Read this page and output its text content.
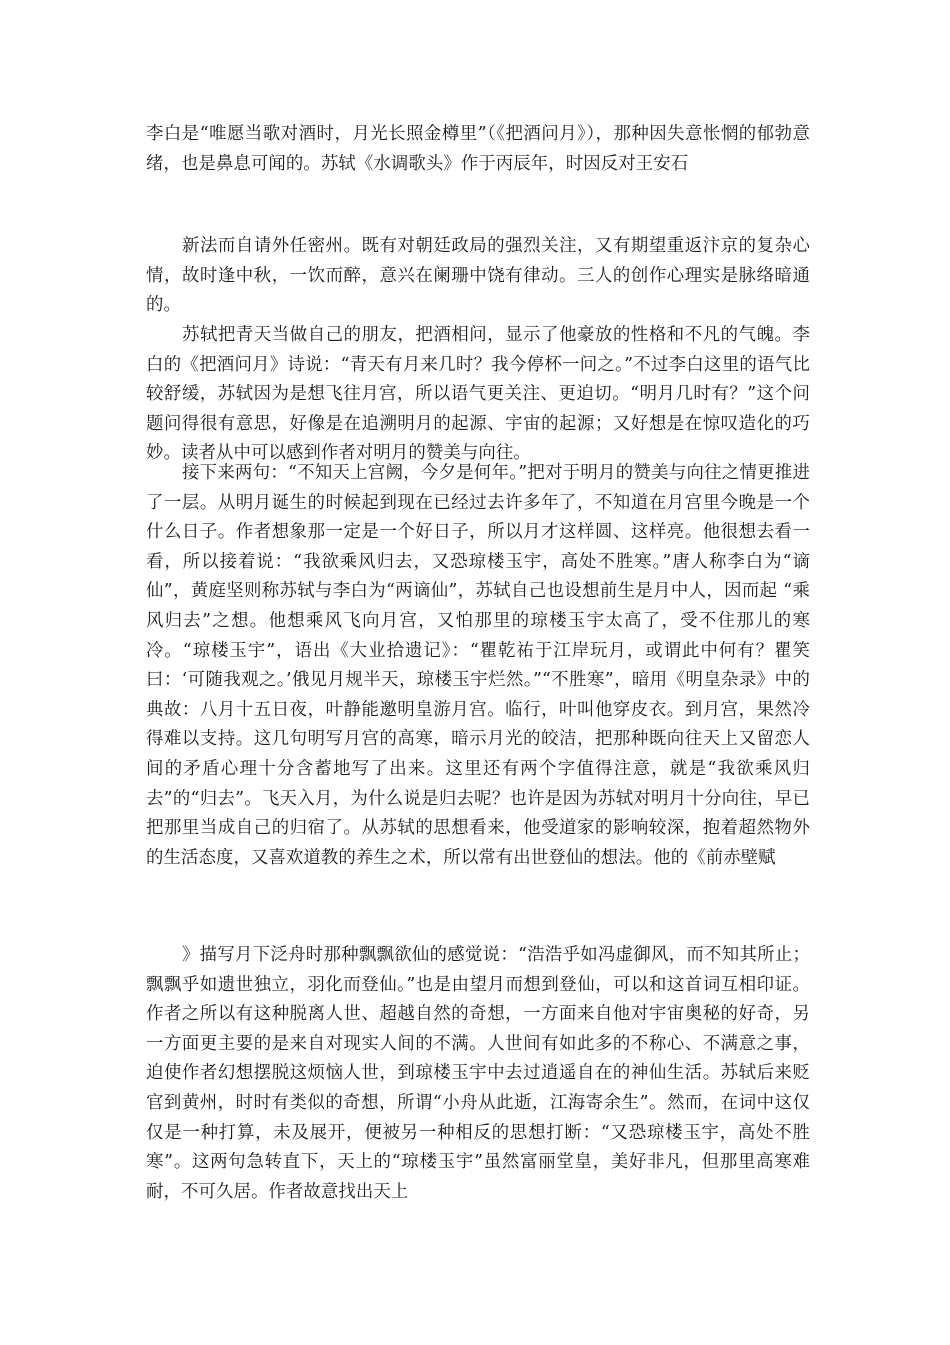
李白是“唯愿当歌对酒时，月光长照金樽里”（《把酒问月》），那种因失意怅惘的郁勃意绪，也是鼻息可闻的。苏轼《水调歌头》作于丙辰年，时因反对王安石

新法而自请外任密州。既有对朝廷政局的强烈关注，又有期望重返汴京的复杂心情，故时逢中秋，一饮而醉，意兴在阑珊中饶有律动。三人的创作心理实是脉络暗通的。

苏轼把青天当做自己的朋友，把酒相问，显示了他豪放的性格和不凡的气魄。李白的《把酒问月》诗说：“青天有月来几时？我今停杯一问之。”不过李白这里的语气比较舒缓，苏轼因为是想飞往月宫，所以语气更关注、更迫切。“明月几时有？”这个问题问得很有意思，好像是在追溯明月的起源、宇宙的起源；又好想是在惊叹造化的巧妙。读者从中可以感到作者对明月的赞美与向往。

接下来两句：“不知天上宫阙，今夕是何年。”把对于明月的赞美与向往之情更推进了一层。从明月诞生的时候起到现在已经过去许多年了，不知道在月宫里今晚是一个什么日子。作者想象那一定是一个好日子，所以月才这样圆、这样亮。他很想去看一看，所以接着说：“我欲乘风归去，又恐琼楼玉宇，高处不胜寒。”唐人称李白为“谪仙”，黄庭坚则称苏轼与李白为“两谪仙”，苏轼自己也设想前生是月中人，因而起 “乘风归去”之想。他想乘风飞向月宫，又怕那里的琼楼玉宇太高了，受不住那儿的寒冷。“琼楼玉宇”，语出《大业拾遗记》：“瞿乾祐于江岸玩月，或谓此中何有？瞿笑曰：‘可随我观之。’俄见月规半天，琼楼玉宇烂然。”“不胜寒”，暗用《明皇杂录》中的典故：八月十五日夜，叶静能邀明皇游月宫。临行，叶叫他穿皮衣。到月宫，果然冷得难以支持。这几句明写月宫的高寒，暗示月光的皎洁，把那种既向往天上又留恋人间的矛盾心理十分含蓄地写了出来。这里还有两个字值得注意，就是“我欲乘风归去”的“归去”。飞天入月，为什么说是归去呢？也许是因为苏轼对明月十分向往，早已把那里当成自己的归宿了。从苏轼的思想看来，他受道家的影响较深，抱着超然物外的生活态度，又喜欢道教的养生之术，所以常有出世登仙的想法。他的《前赤壁赋

》描写月下泛舟时那种飘飘欲仙的感觉说：“浩浩乎如冯虚御风，而不知其所止；飘飘乎如遗世独立，羽化而登仙。”也是由望月而想到登仙，可以和这首词互相印证。作者之所以有这种脱离人世、超越自然的奇想，一方面来自他对宇宙奥秘的好奇，另一方面更主要的是来自对现实人间的不满。人世间有如此多的不称心、不满意之事，迫使作者幻想摆脱这烦恼人世，到琼楼玉宇中去过逍遥自在的神仙生活。苏轼后来贬官到黄州，时时有类似的奇想，所谓“小舟从此逝，江海寄余生”。然而，在词中这仅仅是一种打算，未及展开，便被另一种相反的思想打断：“又恐琼楼玉宇，高处不胜寒”。这两句急转直下，天上的“琼楼玉宇”虽然富丽堂皇，美好非凡，但那里高寒难耐，不可久居。作者故意找出天上
